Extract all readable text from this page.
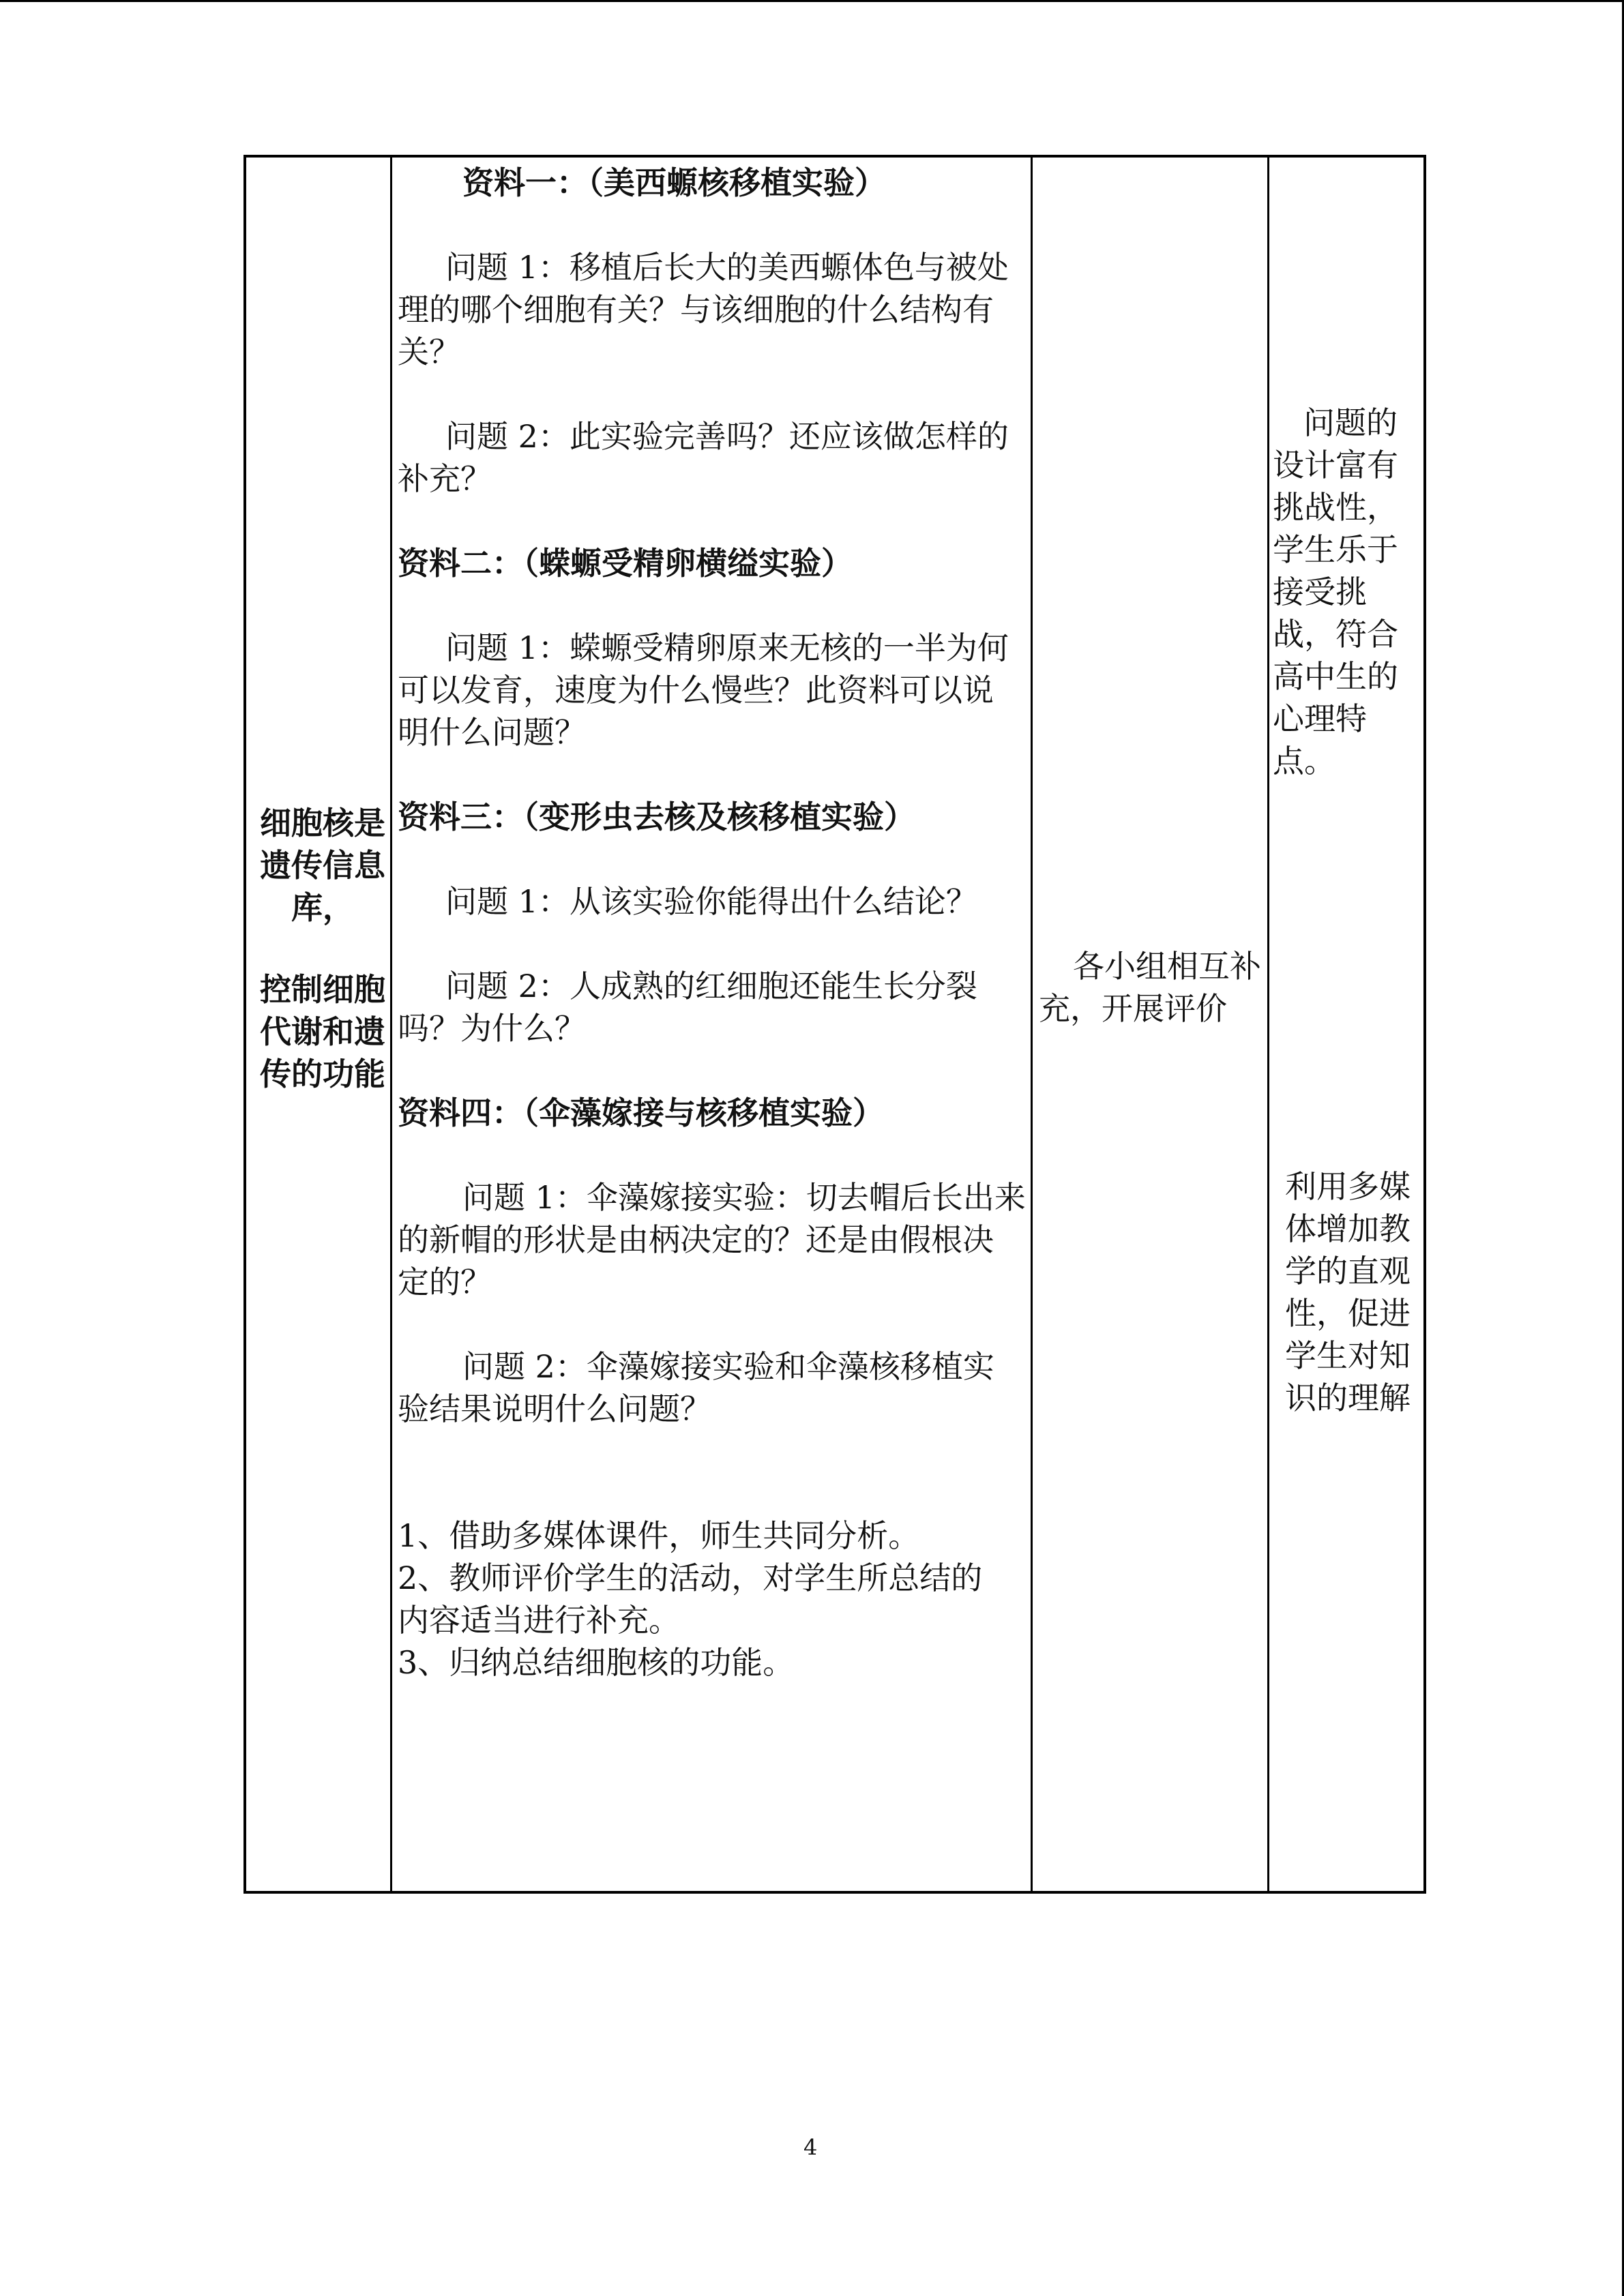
细胞核是
遗传信息
库，
控制细胞
代谢和遗
传的功能

资料一：（美西螈核移植实验）

问题 1：移植后长大的美西螈体色与被处

理的哪个细胞有关？与该细胞的什么结构有

关？

问题 2：此实验完善吗？还应该做怎样的

补充？

资料二：（蝾螈受精卵横缢实验）

问题 1：蝾螈受精卵原来无核的一半为何

可以发育，速度为什么慢些？此资料可以说

明什么问题？

资料三：（变形虫去核及核移植实验）

问题 1：从该实验你能得出什么结论？

问题 2：人成熟的红细胞还能生长分裂

吗？为什么？

资料四：（伞藻嫁接与核移植实验）

问题 1：伞藻嫁接实验：切去帽后长出来

的新帽的形状是由柄决定的？还是由假根决

定的？

问题 2：伞藻嫁接实验和伞藻核移植实

验结果说明什么问题？

1、借助多媒体课件，师生共同分析。

2、教师评价学生的活动，对学生所总结的

内容适当进行补充。

3、归纳总结细胞核的功能。

各小组相互补
充，开展评价
问题的
设计富有
挑战性，
学生乐于
接受挑
战，符合
高中生的
心理特
点。
利用多媒
体增加教
学的直观
性，促进
学生对知
识的理解
4
